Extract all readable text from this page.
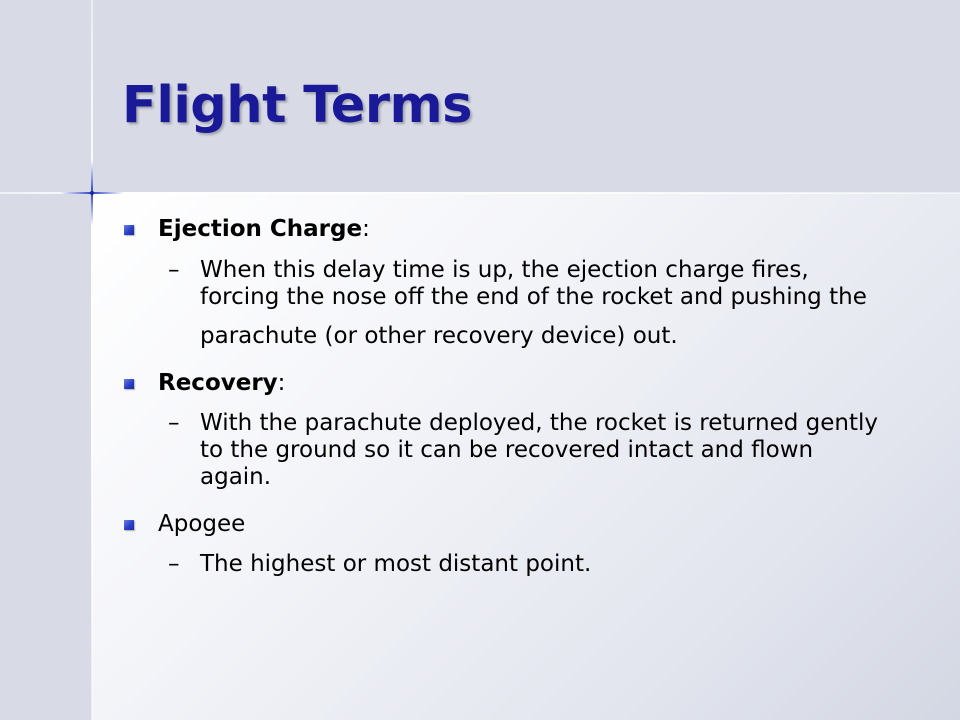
Flight Terms
Ejection Charge:
– When this delay time is up, the ejection charge fires,
forcing the nose off the end of the rocket and pushing the
parachute (or other recovery device) out.
Recovery:
– With the parachute deployed, the rocket is returned gently
to the ground so it can be recovered intact and flown
again.
Apogee
– The highest or most distant point.
